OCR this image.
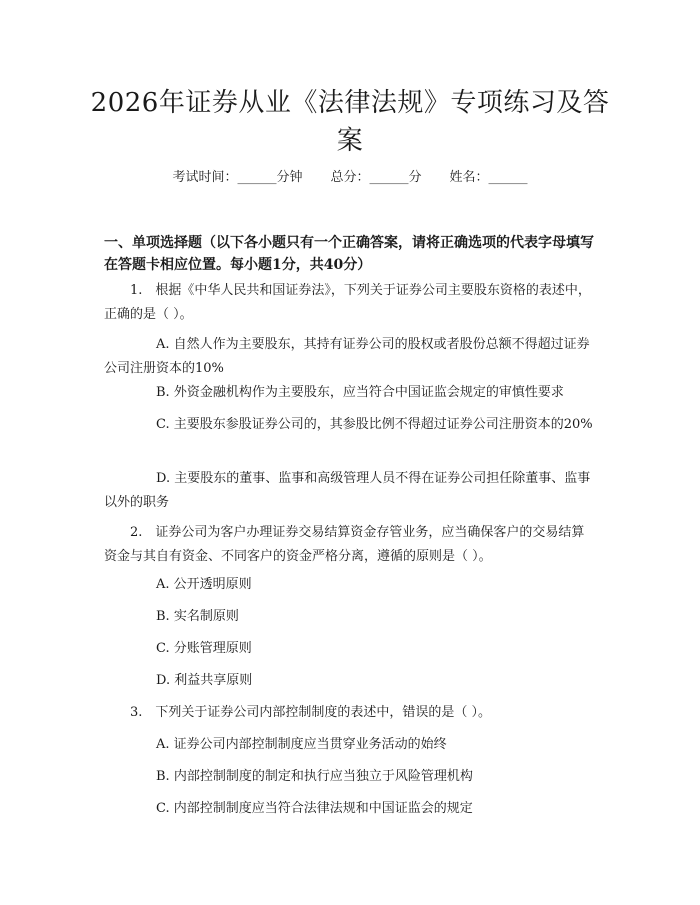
2026年证券从业《法律法规》专项练习及答案
考试时间：______分钟 总分：______分 姓名：______
一、单项选择题（以下各小题只有一个正确答案，请将正确选项的代表字母填写在答题卡相应位置。每小题1分，共40分）
1.　根据《中华人民共和国证券法》，下列关于证券公司主要股东资格的表述中，正确的是（ ）。
A. 自然人作为主要股东，其持有证券公司的股权或者股份总额不得超过证券公司注册资本的10%
B. 外资金融机构作为主要股东，应当符合中国证监会规定的审慎性要求
C. 主要股东参股证券公司的，其参股比例不得超过证券公司注册资本的20%
D. 主要股东的董事、监事和高级管理人员不得在证券公司担任除董事、监事以外的职务
2.　证券公司为客户办理证券交易结算资金存管业务，应当确保客户的交易结算资金与其自有资金、不同客户的资金严格分离，遵循的原则是（ ）。
A. 公开透明原则
B. 实名制原则
C. 分账管理原则
D. 利益共享原则
3.　下列关于证券公司内部控制制度的表述中，错误的是（ ）。
A. 证券公司内部控制制度应当贯穿业务活动的始终
B. 内部控制制度的制定和执行应当独立于风险管理机构
C. 内部控制制度应当符合法律法规和中国证监会的规定
